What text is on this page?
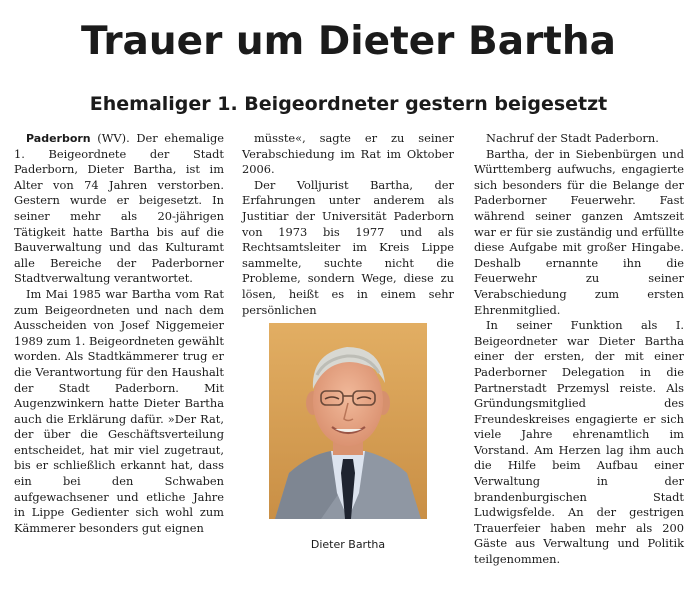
Trauer um Dieter Bartha
Ehemaliger 1. Beigeordneter gestern beigesetzt

Paderborn (WV). Der ehemalige 1. Beigeordnete der Stadt Paderborn, Dieter Bartha, ist im Alter von 74 Jahren verstorben. Gestern wurde er beigesetzt. In seiner mehr als 20-jährigen Tätigkeit hatte Bartha bis auf die Bauverwaltung und das Kulturamt alle Bereiche der Paderborner Stadtverwaltung verantwortet.

Im Mai 1985 war Bartha vom Rat zum Beigeordneten und nach dem Ausscheiden von Josef Niggemeier 1989 zum 1. Beigeordneten gewählt worden. Als Stadtkämmerer trug er die Verantwortung für den Haushalt der Stadt Paderborn. Mit Augenzwinkern hatte Dieter Bartha auch die Erklärung dafür. »Der Rat, der über die Geschäftsverteilung entscheidet, hat mir viel zugetraut, bis er schließlich erkannt hat, dass ein bei den Schwaben aufgewachsener und etliche Jahre in Lippe Gedienter sich wohl zum Kämmerer besonders gut eignen

müsste«, sagte er zu seiner Verabschiedung im Rat im Oktober 2006.

Der Volljurist Bartha, der Erfahrungen unter anderem als Justitiar der Universität Paderborn von 1973 bis 1977 und als Rechtsamtsleiter im Kreis Lippe sammelte, suchte nicht die Probleme, sondern Wege, diese zu lösen, heißt es in einem sehr persönlichen

Dieter Bartha

Nachruf der Stadt Paderborn.

Bartha, der in Siebenbürgen und Württemberg aufwuchs, engagierte sich besonders für die Belange der Paderborner Feuerwehr. Fast während seiner ganzen Amtszeit war er für sie zuständig und erfüllte diese Aufgabe mit großer Hingabe. Deshalb ernannte ihn die Feuerwehr zu seiner Verabschiedung zum ersten Ehrenmitglied.

In seiner Funktion als I. Beigeordneter war Dieter Bartha einer der ersten, der mit einer Paderborner Delegation in die Partnerstadt Przemysl reiste. Als Gründungsmitglied des Freundeskreises engagierte er sich viele Jahre ehrenamtlich im Vorstand. Am Herzen lag ihm auch die Hilfe beim Aufbau einer Verwaltung in der brandenburgischen Stadt Ludwigsfelde. An der gestrigen Trauerfeier haben mehr als 200 Gäste aus Verwaltung und Politik teilgenommen.
